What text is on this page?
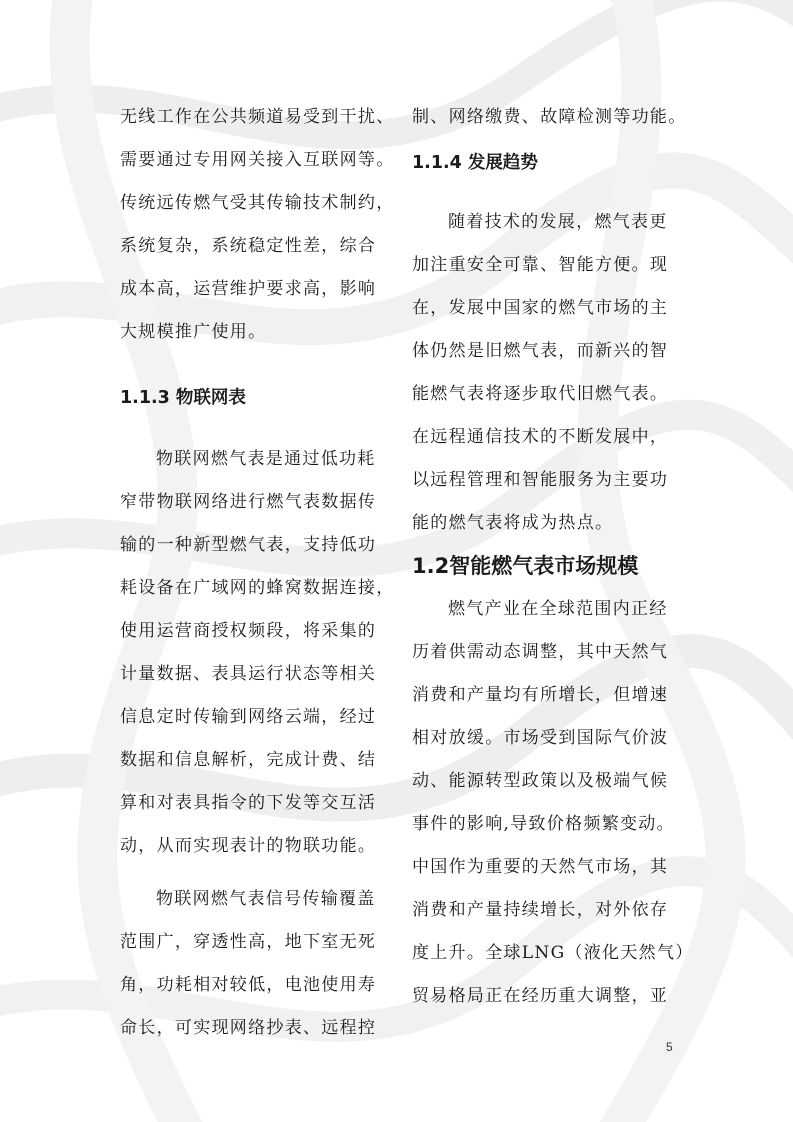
无线工作在公共频道易受到干扰、
需要通过专用网关接入互联网等。
传统远传燃气受其传输技术制约，
系统复杂，系统稳定性差，综合
成本高，运营维护要求高，影响
大规模推广使用。
1.1.3 物联网表
物联网燃气表是通过低功耗
窄带物联网络进行燃气表数据传
输的一种新型燃气表，支持低功
耗设备在广域网的蜂窝数据连接，
使用运营商授权频段，将采集的
计量数据、表具运行状态等相关
信息定时传输到网络云端，经过
数据和信息解析，完成计费、结
算和对表具指令的下发等交互活
动，从而实现表计的物联功能。
物联网燃气表信号传输覆盖
范围广，穿透性高，地下室无死
角，功耗相对较低，电池使用寿
命长，可实现网络抄表、远程控
制、网络缴费、故障检测等功能。
1.1.4 发展趋势
随着技术的发展，燃气表更
加注重安全可靠、智能方便。现
在，发展中国家的燃气市场的主
体仍然是旧燃气表，而新兴的智
能燃气表将逐步取代旧燃气表。
在远程通信技术的不断发展中，
以远程管理和智能服务为主要功
能的燃气表将成为热点。
1.2智能燃气表市场规模
燃气产业在全球范围内正经
历着供需动态调整，其中天然气
消费和产量均有所增长，但增速
相对放缓。市场受到国际气价波
动、能源转型政策以及极端气候
事件的影响,导致价格频繁变动。
中国作为重要的天然气市场，其
消费和产量持续增长，对外依存
度上升。全球LNG（液化天然气）
贸易格局正在经历重大调整，亚
5
